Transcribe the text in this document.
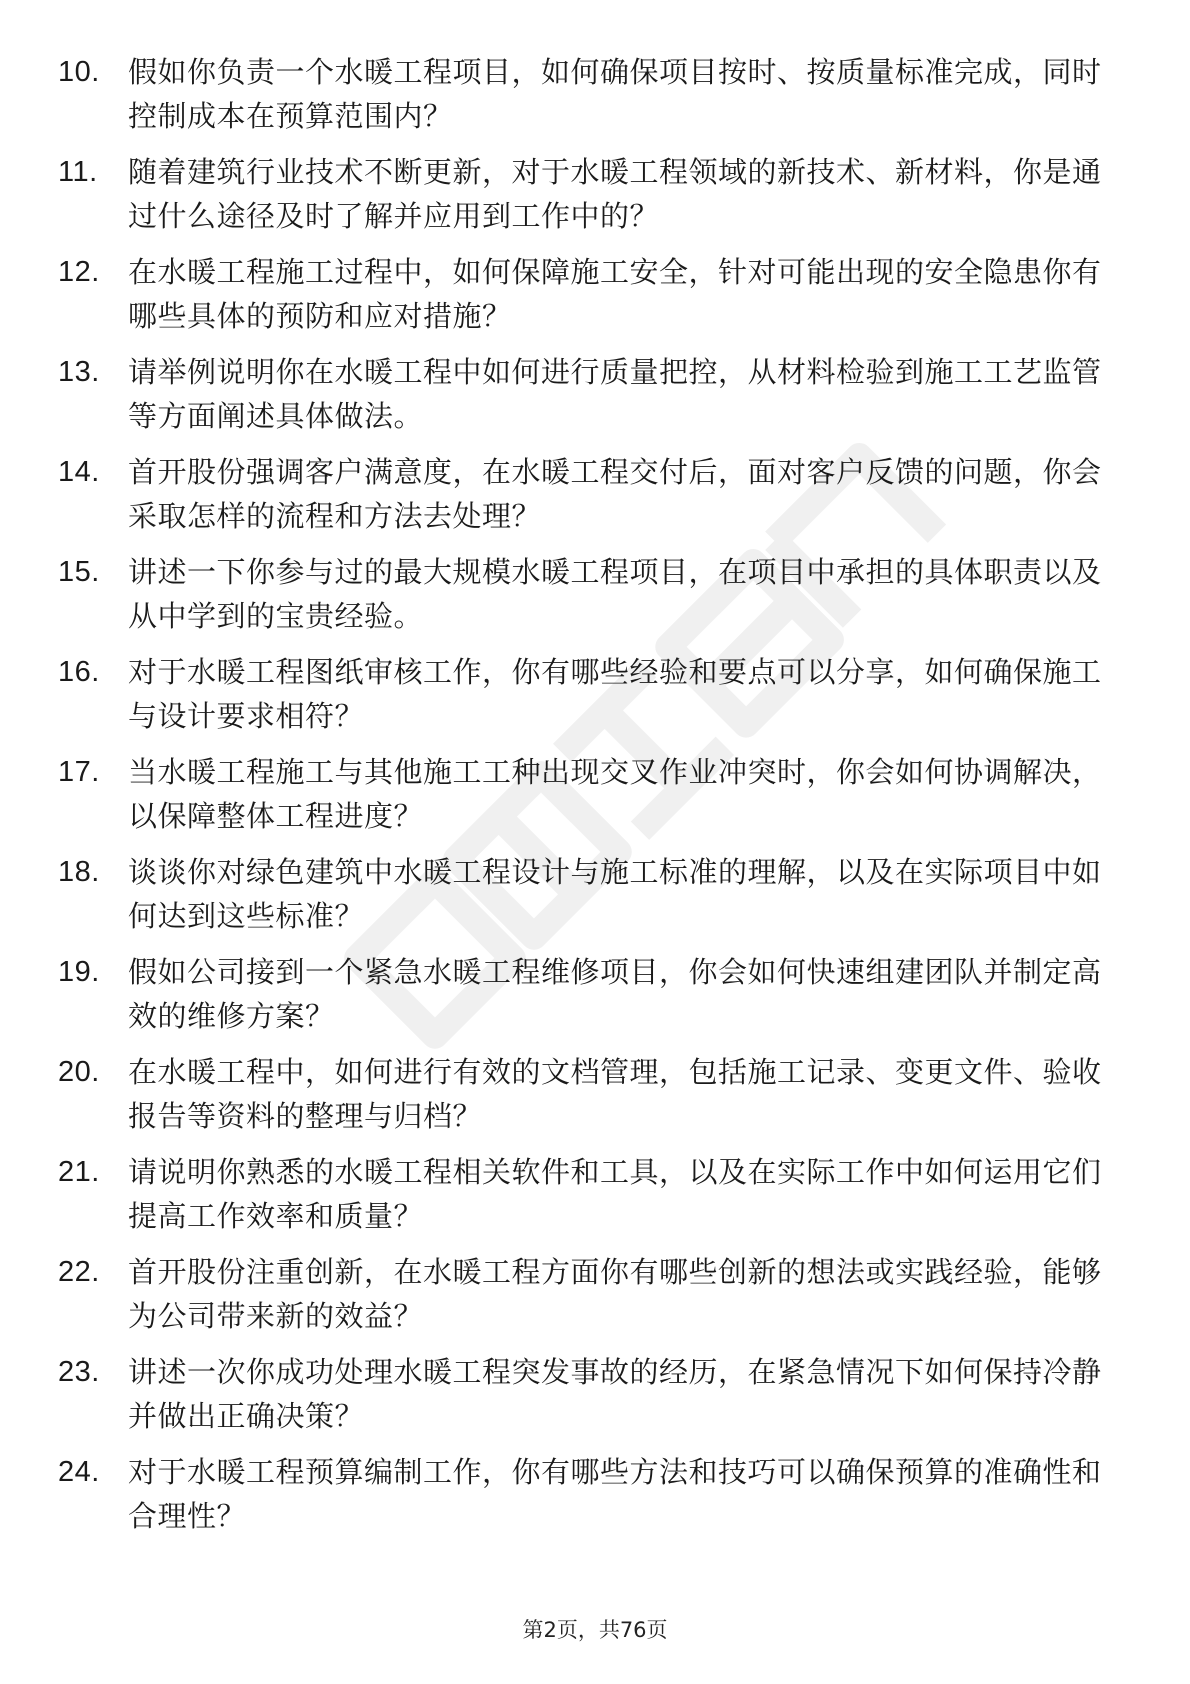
10. 假如你负责一个水暖工程项目，如何确保项目按时、按质量标准完成，同时控制成本在预算范围内？
11.	随着建筑行业技术不断更新，对于水暖工程领域的新技术、新材料，你是通过什么途径及时了解并应用到工作中的？
12. 在水暖工程施工过程中，如何保障施工安全，针对可能出现的安全隐患你有哪些具体的预防和应对措施？
13. 请举例说明你在水暖工程中如何进行质量把控，从材料检验到施工工艺监管等方面阐述具体做法。
14. 首开股份强调客户满意度，在水暖工程交付后，面对客户反馈的问题，你会采取怎样的流程和方法去处理？
15. 讲述一下你参与过的最大规模水暖工程项目，在项目中承担的具体职责以及从中学到的宝贵经验。
16. 对于水暖工程图纸审核工作，你有哪些经验和要点可以分享，如何确保施工与设计要求相符？
17. 当水暖工程施工与其他施工工种出现交叉作业冲突时，你会如何协调解决，以保障整体工程进度？
18. 谈谈你对绿色建筑中水暖工程设计与施工标准的理解，以及在实际项目中如何达到这些标准？
19. 假如公司接到一个紧急水暖工程维修项目，你会如何快速组建团队并制定高效的维修方案？
20. 在水暖工程中，如何进行有效的文档管理，包括施工记录、变更文件、验收报告等资料的整理与归档？
21. 请说明你熟悉的水暖工程相关软件和工具，以及在实际工作中如何运用它们提高工作效率和质量？
22. 首开股份注重创新，在水暖工程方面你有哪些创新的想法或实践经验，能够为公司带来新的效益？
23. 讲述一次你成功处理水暖工程突发事故的经历，在紧急情况下如何保持冷静并做出正确决策？
24. 对于水暖工程预算编制工作，你有哪些方法和技巧可以确保预算的准确性和合理性？
第2页，共76页
